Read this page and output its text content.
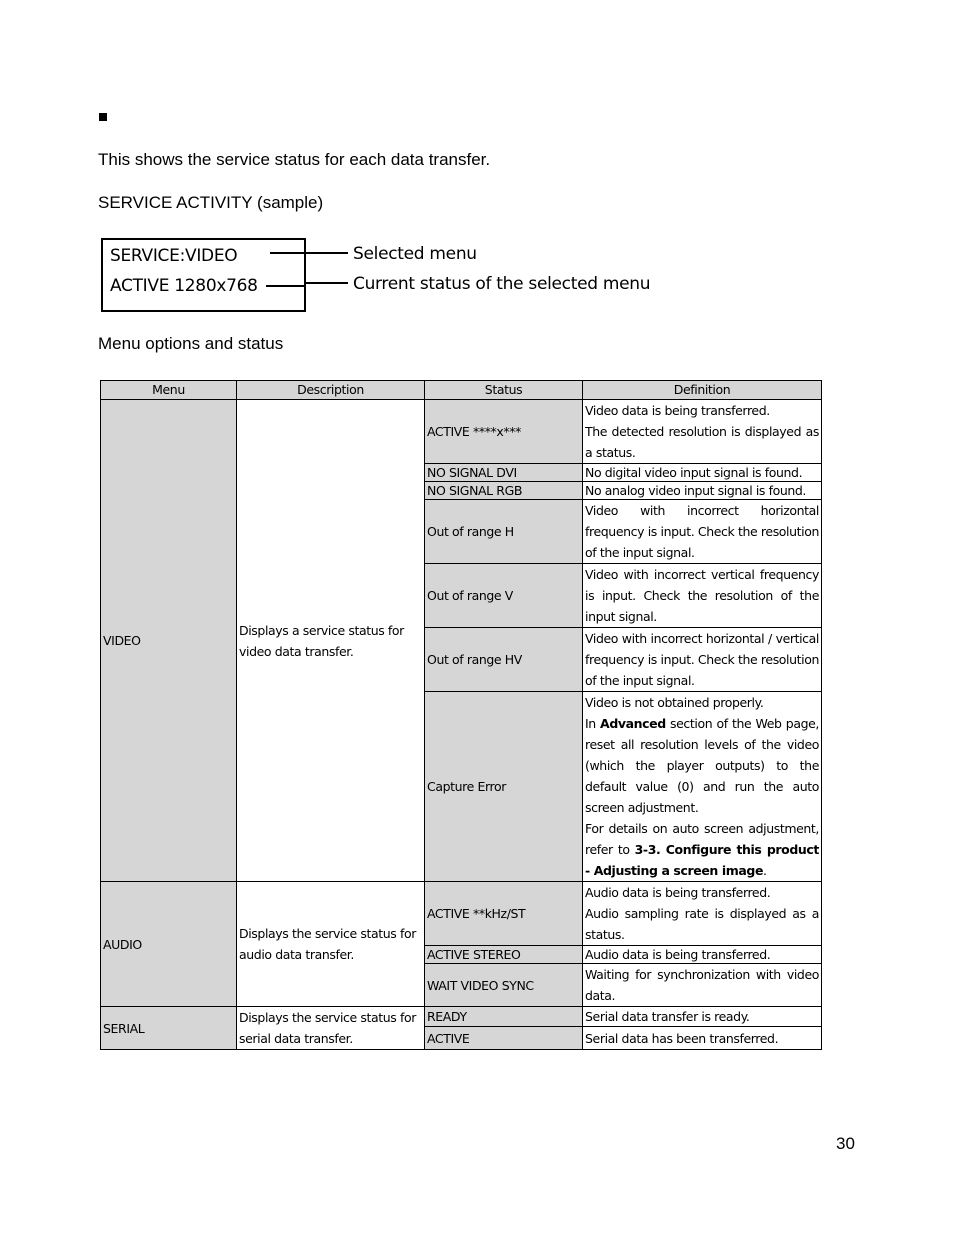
This shows the service status for each data transfer.
SERVICE ACTIVITY (sample)
SERVICE:VIDEO
ACTIVE 1280x768
Selected menu
Current status of the selected menu
Menu options and status
Menu	Description	Status	Definition
VIDEO	Displays a service status for video data transfer.	ACTIVE ****x***	Video data is being transferred.
The detected resolution is displayed as a status.
		NO SIGNAL DVI	No digital video input signal is found.
		NO SIGNAL RGB	No analog video input signal is found.
		Out of range H	Video with incorrect horizontal frequency is input. Check the resolution of the input signal.
		Out of range V	Video with incorrect vertical frequency is input. Check the resolution of the input signal.
		Out of range HV	Video with incorrect horizontal / vertical frequency is input. Check the resolution of the input signal.
		Capture Error	Video is not obtained properly.
In Advanced section of the Web page, reset all resolution levels of the video (which the player outputs) to the default value (0) and run the auto screen adjustment.
For details on auto screen adjustment, refer to 3-3. Configure this product - Adjusting a screen image.
AUDIO	Displays the service status for audio data transfer.	ACTIVE **kHz/ST	Audio data is being transferred.
Audio sampling rate is displayed as a status.
		ACTIVE STEREO	Audio data is being transferred.
		WAIT VIDEO SYNC	Waiting for synchronization with video data.
SERIAL	Displays the service status for serial data transfer.	READY	Serial data transfer is ready.
		ACTIVE	Serial data has been transferred.
30
